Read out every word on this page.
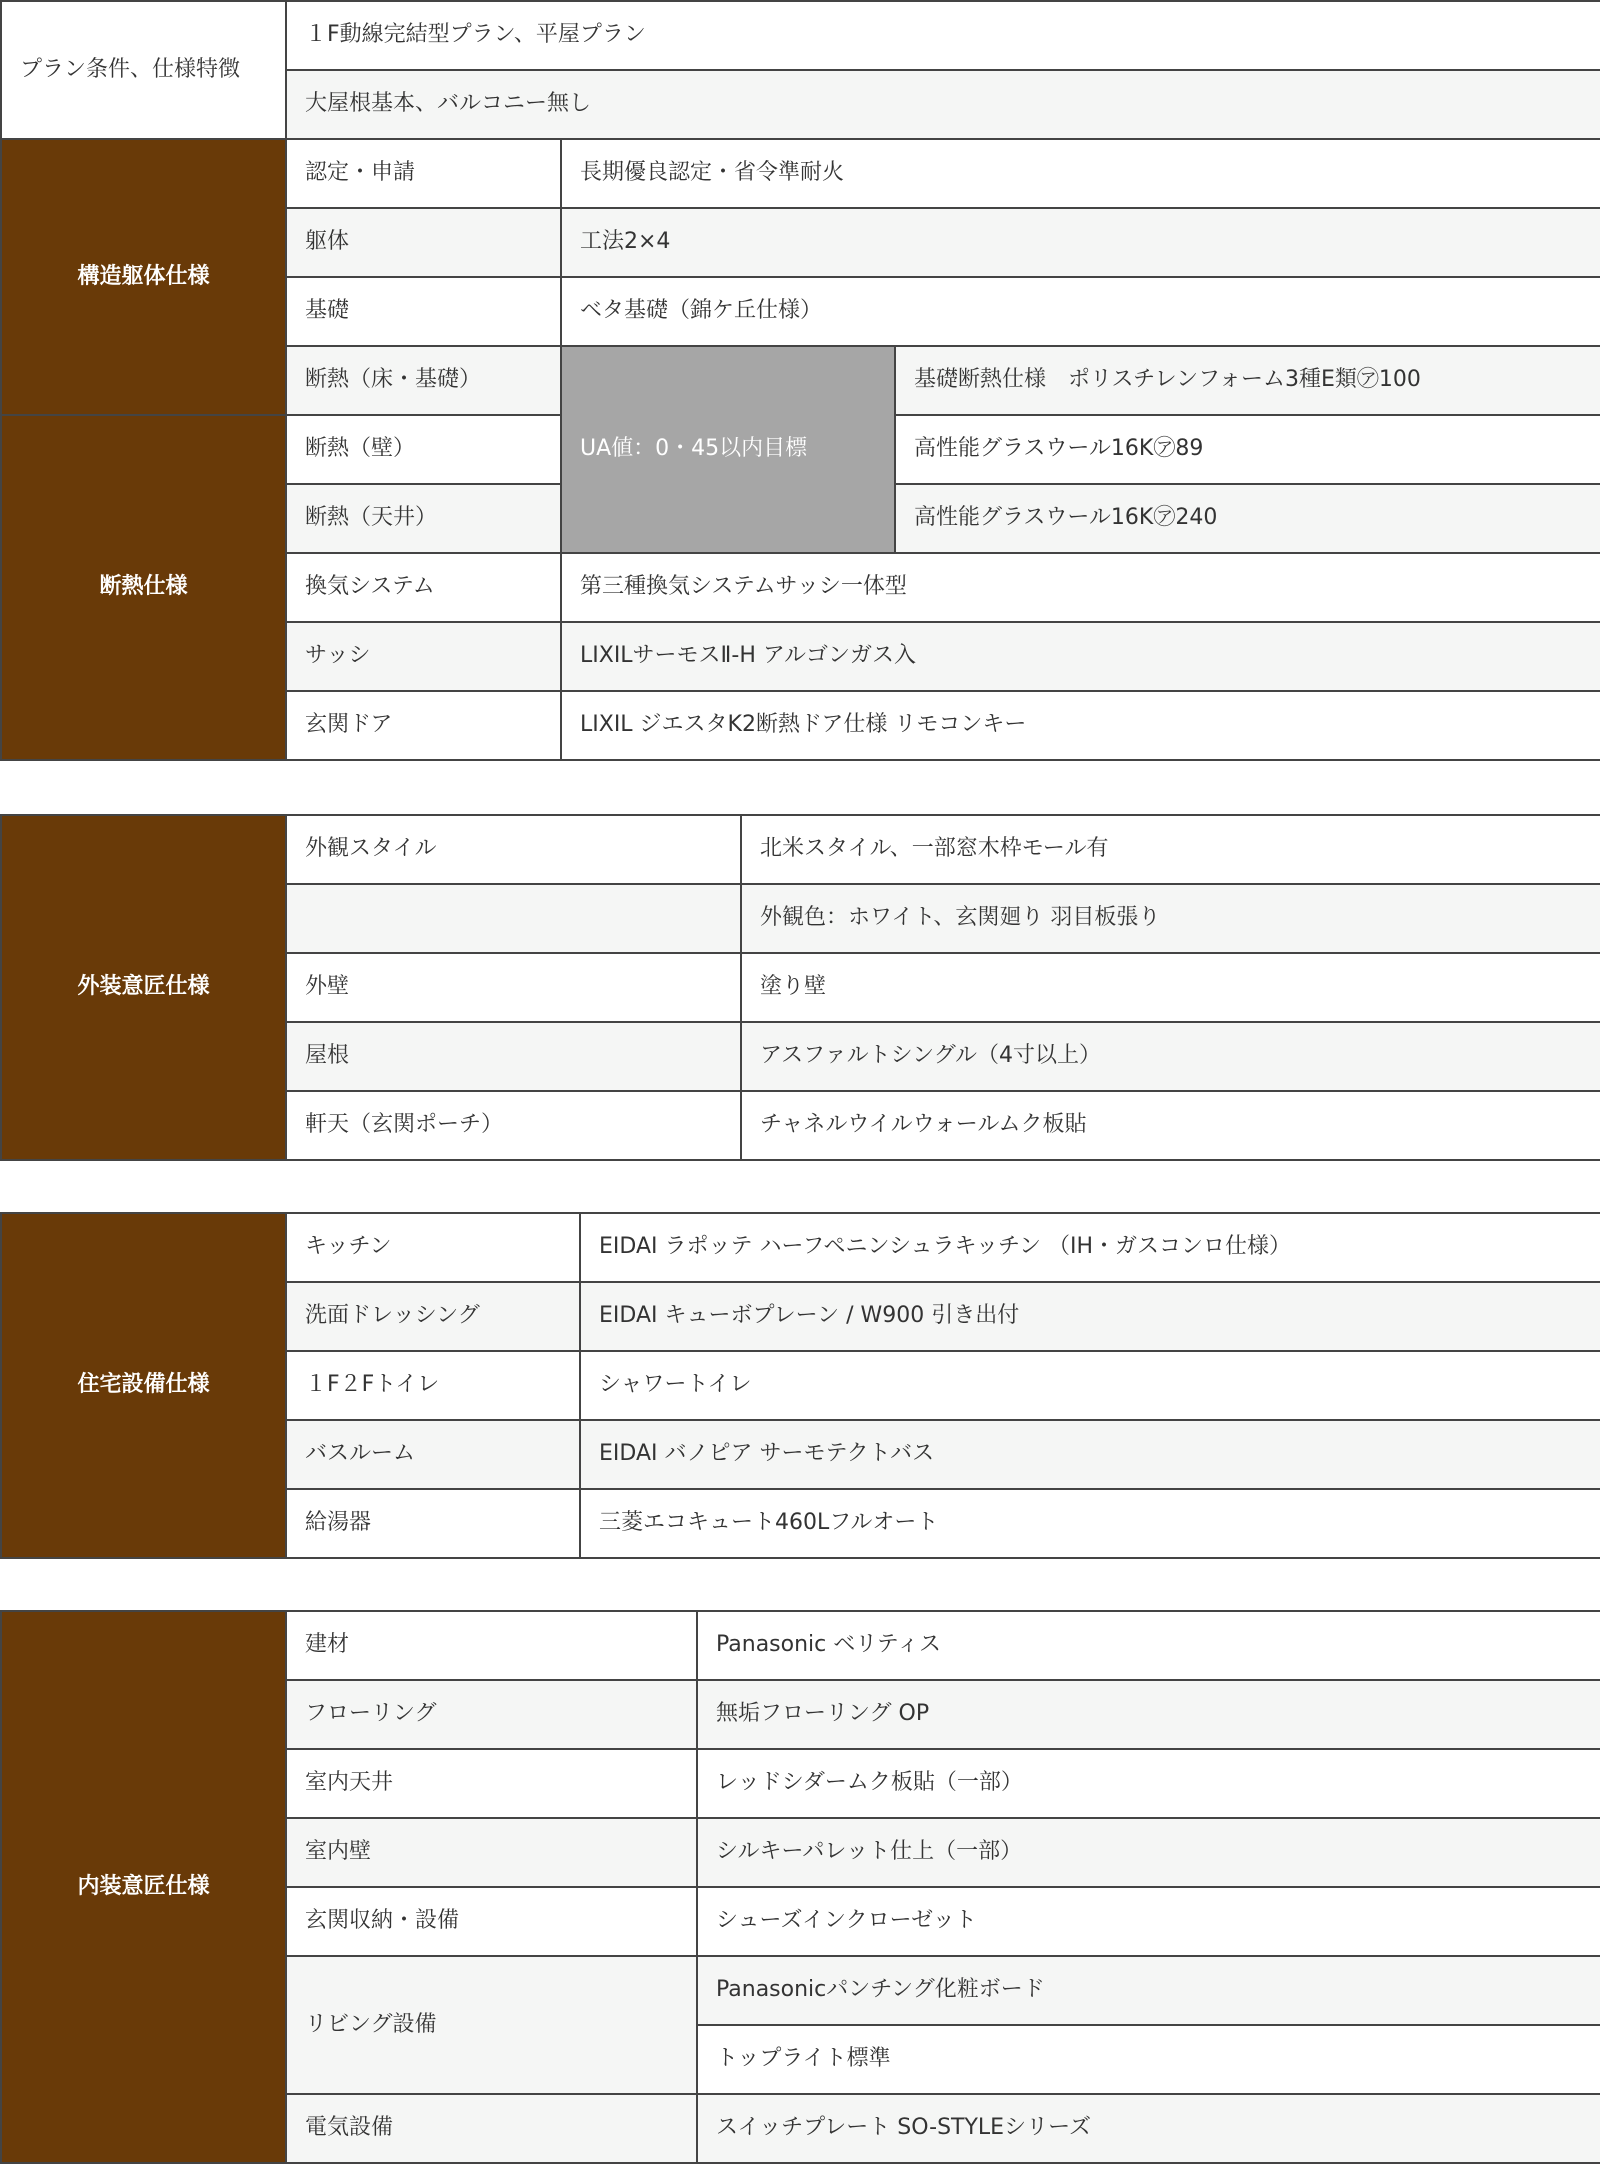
プラン条件、仕様特徴	１F動線完結型プラン、平屋プラン		
	大屋根基本、バルコニー無し		
構造躯体仕様	認定・申請	長期優良認定・省令準耐火	
	躯体	工法2×4	
	基礎	ベタ基礎（錦ケ丘仕様）	
	断熱（床・基礎）	UA値：0・45以内目標	基礎断熱仕様　ポリスチレンフォーム3種E類㋐100
断熱仕様	断熱（壁）		高性能グラスウール16K㋐89
	断熱（天井）		高性能グラスウール16K㋐240
	換気システム	第三種換気システムサッシ一体型	
	サッシ	LIXILサーモスⅡ-H アルゴンガス入	
	玄関ドア	LIXIL ジエスタK2断熱ドア仕様 リモコンキー	
外装意匠仕様	外観スタイル	北米スタイル、一部窓木枠モール有
		外観色：ホワイト、玄関廻り 羽目板張り
	外壁	塗り壁
	屋根	アスファルトシングル（4寸以上）
	軒天（玄関ポーチ）	チャネルウイルウォールムク板貼
住宅設備仕様	キッチン	EIDAI ラポッテ ハーフペニンシュラキッチン （IH・ガスコンロ仕様）
	洗面ドレッシング	EIDAI キューボプレーン / W900 引き出付
	１F２Fトイレ	シャワートイレ
	バスルーム	EIDAI バノピア サーモテクトバス
	給湯器	三菱エコキュート460Lフルオート
内装意匠仕様	建材	Panasonic ベリティス
	フローリング	無垢フローリング OP
	室内天井	レッドシダームク板貼（一部）
	室内壁	シルキーパレット仕上（一部）
	玄関収納・設備	シューズインクローゼット
	リビング設備	Panasonicパンチング化粧ボード
		トップライト標準
	電気設備	スイッチプレート SO-STYLEシリーズ
